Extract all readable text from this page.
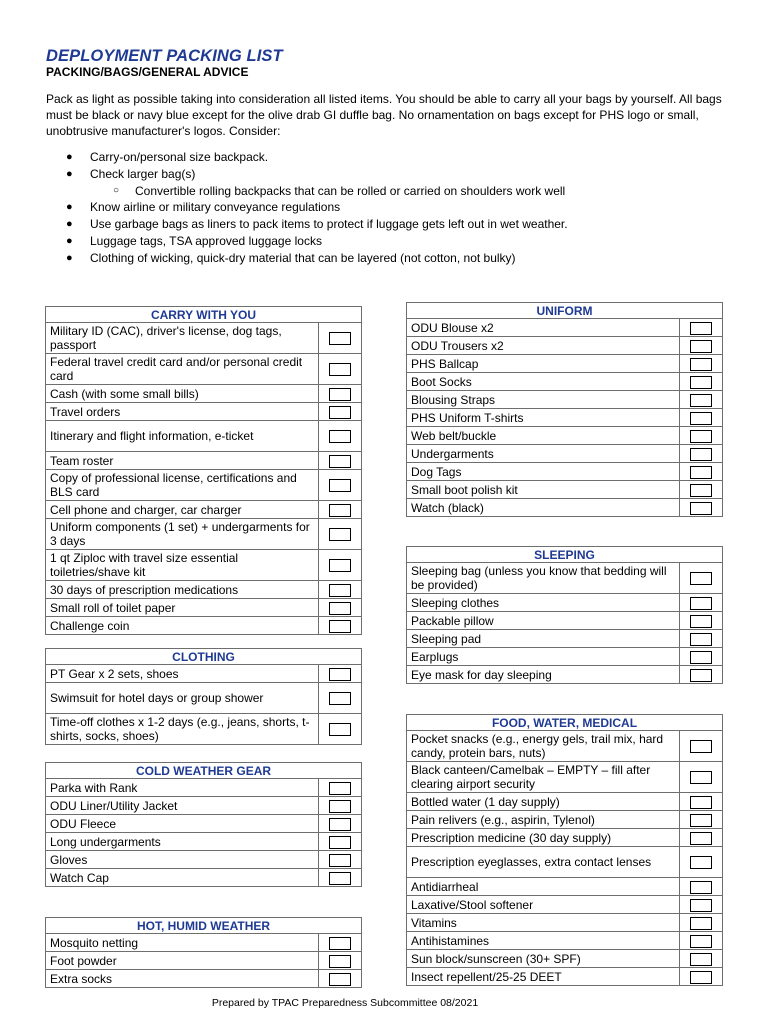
DEPLOYMENT PACKING LIST
PACKING/BAGS/GENERAL ADVICE

Pack as light as possible taking into consideration all listed items. You should be able to carry all your bags by yourself. All bags must be black or navy blue except for the olive drab GI duffle bag. No ornamentation on bags except for PHS logo or small, unobtrusive manufacturer's logos. Consider:

● Carry-on/personal size backpack.
● Check larger bag(s)
○ Convertible rolling backpacks that can be rolled or carried on shoulders work well
● Know airline or military conveyance regulations
● Use garbage bags as liners to pack items to protect if luggage gets left out in wet weather.
● Luggage tags, TSA approved luggage locks
● Clothing of wicking, quick-dry material that can be layered (not cotton, not bulky)
CARRY WITH YOU	
Military ID (CAC), driver's license, dog tags, passport	
Federal travel credit card and/or personal credit card	
Cash (with some small bills)	
Travel orders	
Itinerary and flight information, e-ticket	
Team roster	
Copy of professional license, certifications and BLS card	
Cell phone and charger, car charger	
Uniform components (1 set) + undergarments for 3 days	
1 qt Ziploc with travel size essential toiletries/shave kit	
30 days of prescription medications	
Small roll of toilet paper	
Challenge coin	
CLOTHING	
PT Gear x 2 sets, shoes	
Swimsuit for hotel days or group shower	
Time-off clothes x 1-2 days (e.g., jeans, shorts, t-shirts, socks, shoes)	
COLD WEATHER GEAR	
Parka with Rank	
ODU Liner/Utility Jacket	
ODU Fleece	
Long undergarments	
Gloves	
Watch Cap	
HOT, HUMID WEATHER	
Mosquito netting	
Foot powder	
Extra socks	
UNIFORM	
ODU Blouse x2	
ODU Trousers x2	
PHS Ballcap	
Boot Socks	
Blousing Straps	
PHS Uniform T-shirts	
Web belt/buckle	
Undergarments	
Dog Tags	
Small boot polish kit	
Watch (black)	
SLEEPING	
Sleeping bag (unless you know that bedding will be provided)	
Sleeping clothes	
Packable pillow	
Sleeping pad	
Earplugs	
Eye mask for day sleeping	
FOOD, WATER, MEDICAL	
Pocket snacks (e.g., energy gels, trail mix, hard candy, protein bars, nuts)	
Black canteen/Camelbak – EMPTY – fill after clearing airport security	
Bottled water (1 day supply)	
Pain relivers (e.g., aspirin, Tylenol)	
Prescription medicine (30 day supply)	
Prescription eyeglasses, extra contact lenses	
Antidiarrheal	
Laxative/Stool softener	
Vitamins	
Antihistamines	
Sun block/sunscreen (30+ SPF)	
Insect repellent/25-25 DEET	
Prepared by TPAC Preparedness Subcommittee 08/2021
